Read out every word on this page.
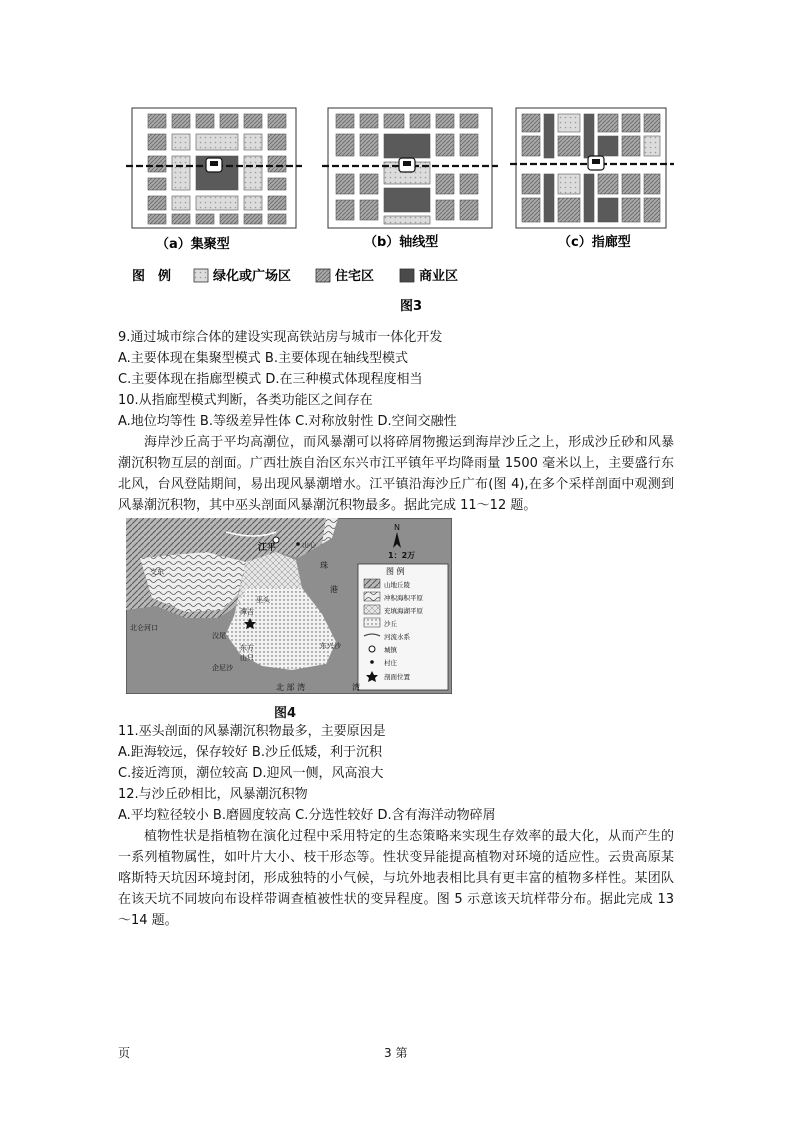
（a）集聚型	（b）轴线型	（c）指廊型
图　例	绿化或广场区	住宅区	商业区
图3
9.通过城市综合体的建设实现高铁站房与城市一体化开发
A.主要体现在集聚型模式 B.主要体现在轴线型模式
C.主要体现在指廊型模式 D.在三种模式体现程度相当
10.从指廊型模式判断，各类功能区之间存在
A.地位均等性 B.等级差异性体 C.对称放射性 D.空间交融性
海岸沙丘高于平均高潮位，而风暴潮可以将碎屑物搬运到海岸沙丘之上，形成沙丘砂和风暴潮沉积物互层的剖面。广西壮族自治区东兴市江平镇年平均降雨量 1500 毫米以上，主要盛行东北风，台风登陆期间，易出现风暴潮增水。江平镇沿海沙丘广布(图 4),在多个采样剖面中观测到风暴潮沉积物，其中巫头剖面风暴潮沉积物最多。据此完成 11～12 题。
N
1：2万
图 例
山地丘陵
冲积海积平原
充填海湖平原
沙丘
河流水系
城镇
村庄
剖面位置
江平	山心
交东
珠
港
潭吉
巫头
㳇尾
东方
山只
东兴沙
企尼沙
北仑河口
北 部 湾	湾
图4
11.巫头剖面的风暴潮沉积物最多，主要原因是
A.距海较远，保存较好 B.沙丘低矮，利于沉积
C.接近湾顶，潮位较高 D.迎风一侧，风高浪大
12.与沙丘砂相比，风暴潮沉积物
A.平均粒径较小 B.磨圆度较高 C.分选性较好 D.含有海洋动物碎屑
植物性状是指植物在演化过程中采用特定的生态策略来实现生存效率的最大化，从而产生的一系列植物属性，如叶片大小、枝干形态等。性状变异能提高植物对环境的适应性。云贵高原某喀斯特天坑因环境封闭，形成独特的小气候，与坑外地表相比具有更丰富的植物多样性。某团队在该天坑不同坡向布设样带调查植被性状的变异程度。图 5 示意该天坑样带分布。据此完成 13～14 题。
页	3 第
